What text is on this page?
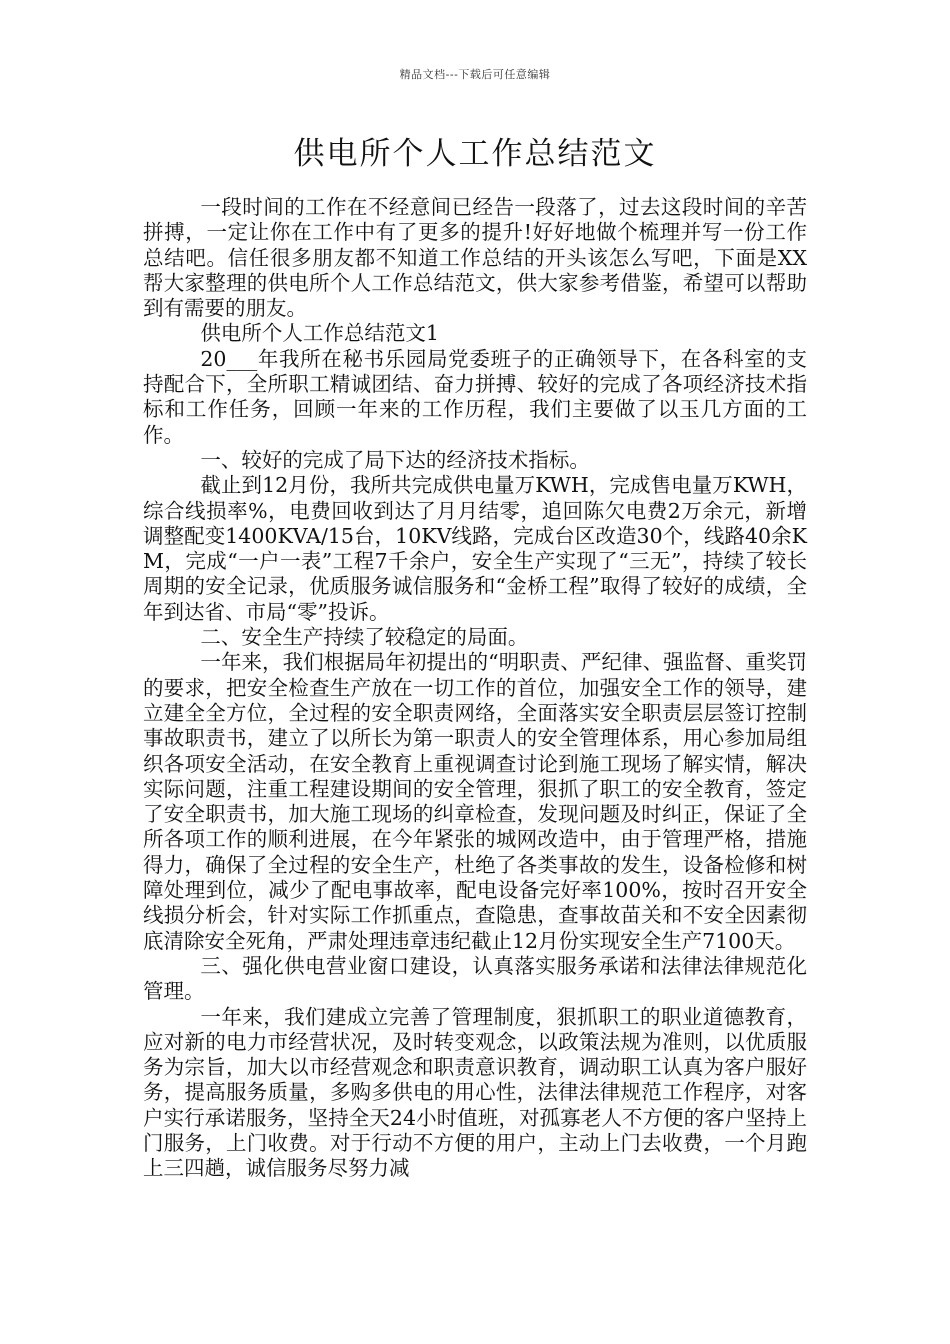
精品文档---下载后可任意编辑
供电所个人工作总结范文

一段时间的工作在不经意间已经告一段落了，过去这段时间的辛苦拼搏，一定让你在工作中有了更多的提升!好好地做个梳理并写一份工作总结吧。信任很多朋友都不知道工作总结的开头该怎么写吧，下面是XX帮大家整理的供电所个人工作总结范文，供大家参考借鉴，希望可以帮助到有需要的朋友。

供电所个人工作总结范文1

20___年我所在秘书乐园局党委班子的正确领导下，在各科室的支持配合下，全所职工精诚团结、奋力拼搏、较好的完成了各项经济技术指标和工作任务，回顾一年来的工作历程，我们主要做了以玉几方面的工作。

一、较好的完成了局下达的经济技术指标。

截止到12月份，我所共完成供电量万KWH，完成售电量万KWH，综合线损率%，电费回收到达了月月结零，追回陈欠电费2万余元，新增调整配变1400KVA/15台，10KV线路，完成台区改造30个，线路40余KM，完成“一户一表”工程7千余户，安全生产实现了“三无”，持续了较长周期的安全记录，优质服务诚信服务和“金桥工程”取得了较好的成绩，全年到达省、市局“零”投诉。

二、安全生产持续了较稳定的局面。

一年来，我们根据局年初提出的“明职责、严纪律、强监督、重奖罚的要求，把安全检查生产放在一切工作的首位，加强安全工作的领导，建立建全全方位，全过程的安全职责网络，全面落实安全职责层层签订控制事故职责书，建立了以所长为第一职责人的安全管理体系，用心参加局组织各项安全活动，在安全教育上重视调查讨论到施工现场了解实情，解决实际问题，注重工程建设期间的安全管理，狠抓了职工的安全教育，签定了安全职责书，加大施工现场的纠章检查，发现问题及时纠正，保证了全所各项工作的顺利进展，在今年紧张的城网改造中，由于管理严格，措施得力，确保了全过程的安全生产，杜绝了各类事故的发生，设备检修和树障处理到位，减少了配电事故率，配电设备完好率100%，按时召开安全线损分析会，针对实际工作抓重点，查隐患，查事故苗关和不安全因素彻底清除安全死角，严肃处理违章违纪截止12月份实现安全生产7100天。

三、强化供电营业窗口建设，认真落实服务承诺和法律法律规范化管理。

一年来，我们建成立完善了管理制度，狠抓职工的职业道德教育，应对新的电力市经营状况，及时转变观念，以政策法规为准则，以优质服务为宗旨，加大以市经营观念和职责意识教育，调动职工认真为客户服好务，提高服务质量，多购多供电的用心性，法律法律规范工作程序，对客户实行承诺服务，坚持全天24小时值班，对孤寡老人不方便的客户坚持上门服务，上门收费。对于行动不方便的用户，主动上门去收费，一个月跑上三四趟，诚信服务尽努力减
